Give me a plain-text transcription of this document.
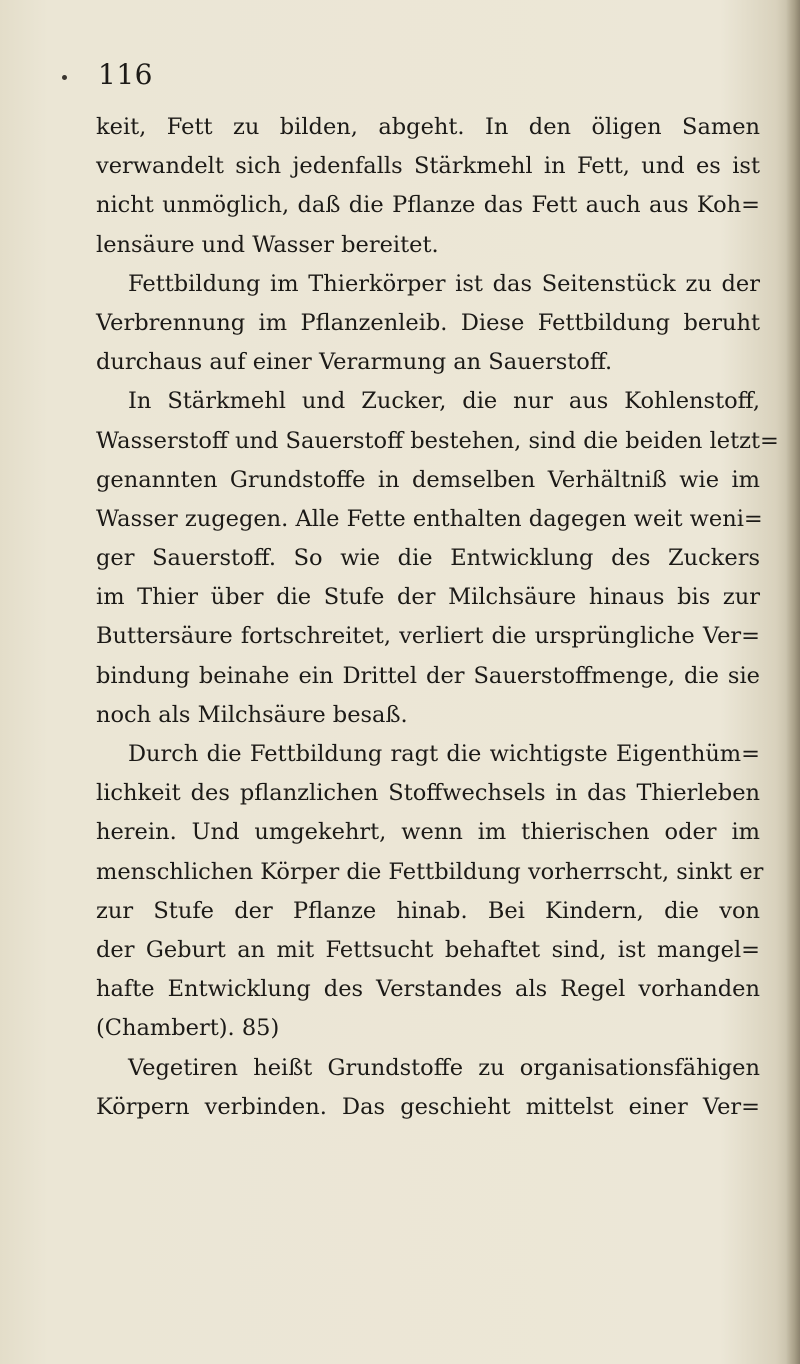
116
keit, Fett zu bilden, abgeht. In den öligen Samen
verwandelt sich jedenfalls Stärkmehl in Fett, und es ist
nicht unmöglich, daß die Pflanze das Fett auch aus Koh=
lensäure und Wasser bereitet.
Fettbildung im Thierkörper ist das Seitenstück zu der
Verbrennung im Pflanzenleib. Diese Fettbildung beruht
durchaus auf einer Verarmung an Sauerstoff.
In Stärkmehl und Zucker, die nur aus Kohlenstoff,
Wasserstoff und Sauerstoff bestehen, sind die beiden letzt=
genannten Grundstoffe in demselben Verhältniß wie im
Wasser zugegen. Alle Fette enthalten dagegen weit weni=
ger Sauerstoff. So wie die Entwicklung des Zuckers
im Thier über die Stufe der Milchsäure hinaus bis zur
Buttersäure fortschreitet, verliert die ursprüngliche Ver=
bindung beinahe ein Drittel der Sauerstoffmenge, die sie
noch als Milchsäure besaß.
Durch die Fettbildung ragt die wichtigste Eigenthüm=
lichkeit des pflanzlichen Stoffwechsels in das Thierleben
herein. Und umgekehrt, wenn im thierischen oder im
menschlichen Körper die Fettbildung vorherrscht, sinkt er
zur Stufe der Pflanze hinab. Bei Kindern, die von
der Geburt an mit Fettsucht behaftet sind, ist mangel=
hafte Entwicklung des Verstandes als Regel vorhanden
(Chambert). 85)
Vegetiren heißt Grundstoffe zu organisationsfähigen
Körpern verbinden. Das geschieht mittelst einer Ver=
